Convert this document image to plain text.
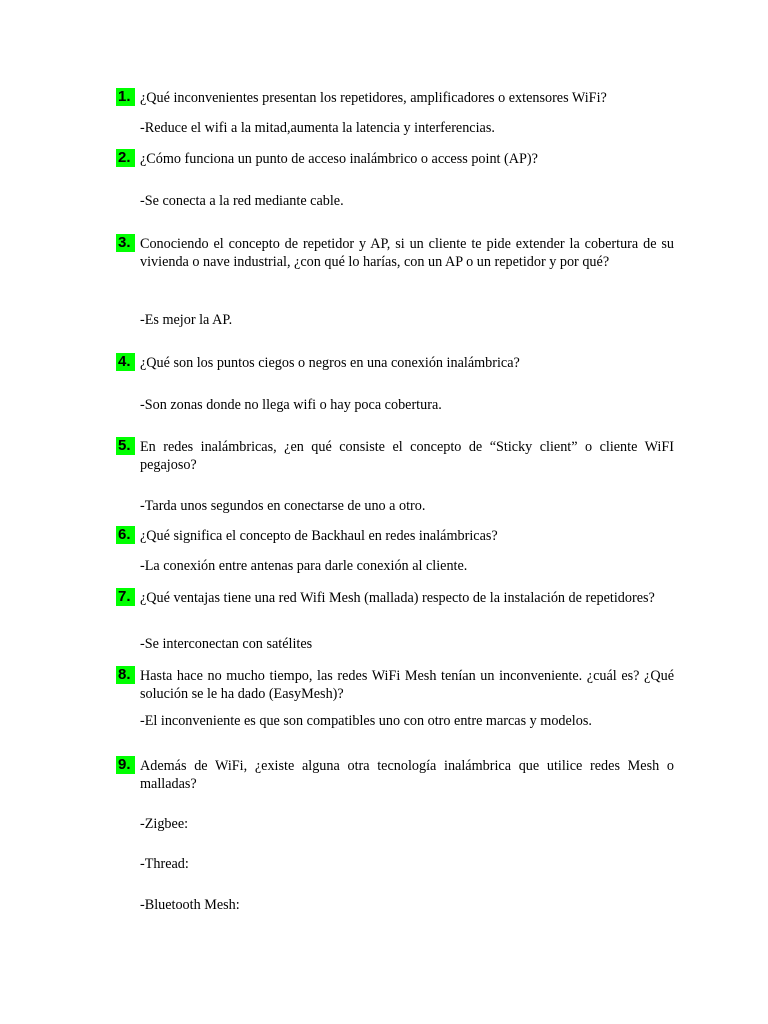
1. ¿Qué inconvenientes presentan los repetidores, amplificadores o extensores WiFi?
-Reduce el wifi a la mitad,aumenta la latencia y interferencias.
2. ¿Cómo funciona un punto de acceso inalámbrico o access point (AP)?
-Se conecta a la red mediante cable.
3. Conociendo el concepto de repetidor y AP, si un cliente te pide extender la cobertura de su vivienda o nave industrial, ¿con qué lo harías, con un AP o un repetidor y por qué?
-Es mejor la AP.
4. ¿Qué son los puntos ciegos o negros en una conexión inalámbrica?
-Son zonas donde no llega wifi o hay poca cobertura.
5. En redes inalámbricas, ¿en qué consiste el concepto de “Sticky client” o cliente WiFI pegajoso?
-Tarda unos segundos en conectarse de uno a otro.
6. ¿Qué significa el concepto de Backhaul en redes inalámbricas?
-La conexión entre antenas para darle conexión al cliente.
7. ¿Qué ventajas tiene una red Wifi Mesh (mallada) respecto de la instalación de repetidores?
-Se interconectan con satélites
8. Hasta hace no mucho tiempo, las redes WiFi Mesh tenían un inconveniente. ¿cuál es? ¿Qué solución se le ha dado (EasyMesh)?
-El inconveniente es que son compatibles uno con otro entre marcas y modelos.
9. Además de WiFi, ¿existe alguna otra tecnología inalámbrica que utilice redes Mesh o malladas?
-Zigbee:
-Thread:
-Bluetooth Mesh:
